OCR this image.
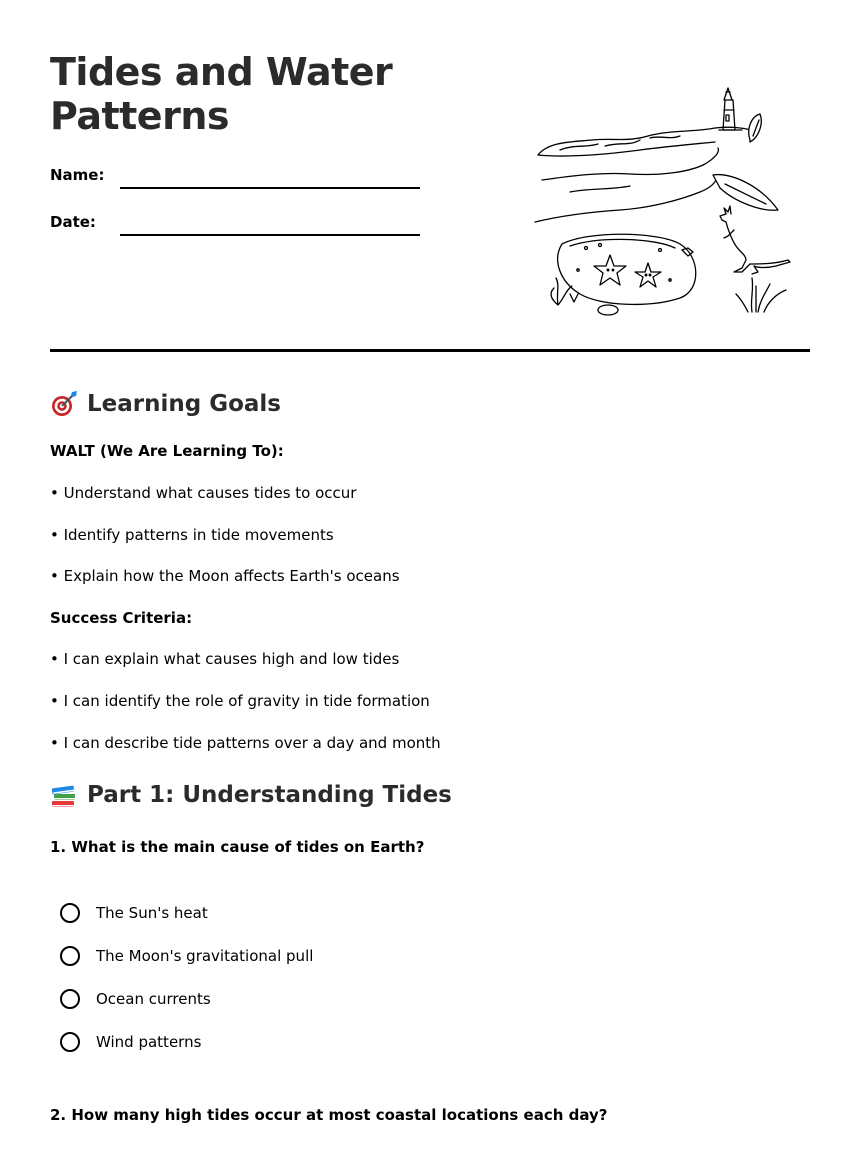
Tides and Water
Patterns
Name:
Date:
Learning Goals
WALT (We Are Learning To):
• Understand what causes tides to occur
• Identify patterns in tide movements
• Explain how the Moon affects Earth's oceans
Success Criteria:
• I can explain what causes high and low tides
• I can identify the role of gravity in tide formation
• I can describe tide patterns over a day and month
Part 1: Understanding Tides
1. What is the main cause of tides on Earth?
The Sun's heat
The Moon's gravitational pull
Ocean currents
Wind patterns
2. How many high tides occur at most coastal locations each day?
